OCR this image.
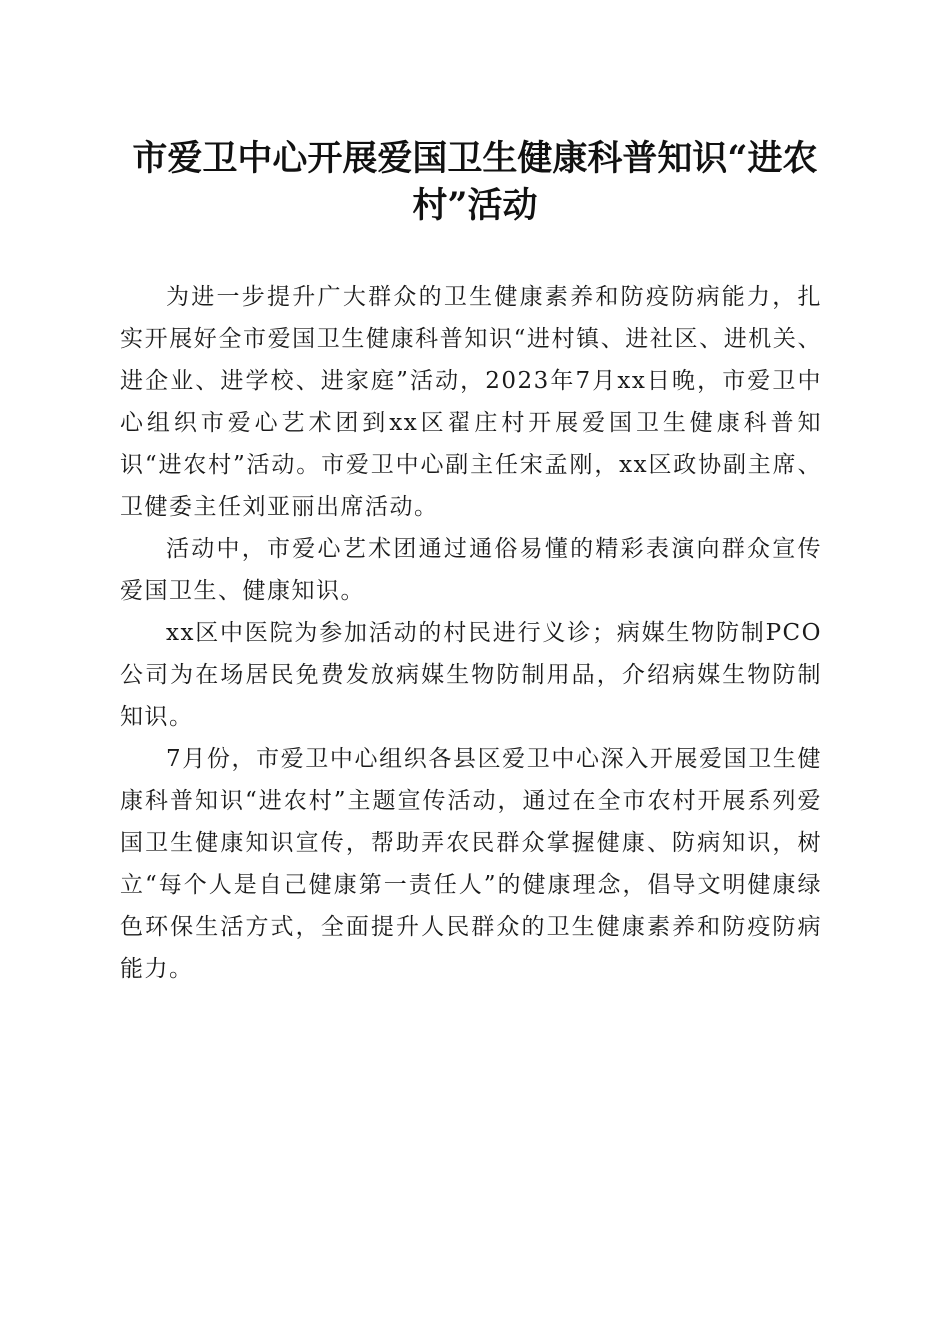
市爱卫中心开展爱国卫生健康科普知识“进农村”活动

为进一步提升广大群众的卫生健康素养和防疫防病能力，扎实开展好全市爱国卫生健康科普知识“进村镇、进社区、进机关、进企业、进学校、进家庭”活动，2023年7月xx日晚，市爱卫中心组织市爱心艺术团到xx区翟庄村开展爱国卫生健康科普知识“进农村”活动。市爱卫中心副主任宋孟刚，xx区政协副主席、卫健委主任刘亚丽出席活动。

活动中，市爱心艺术团通过通俗易懂的精彩表演向群众宣传爱国卫生、健康知识。

xx区中医院为参加活动的村民进行义诊；病媒生物防制PCO公司为在场居民免费发放病媒生物防制用品，介绍病媒生物防制知识。

7月份，市爱卫中心组织各县区爱卫中心深入开展爱国卫生健康科普知识“进农村”主题宣传活动，通过在全市农村开展系列爱国卫生健康知识宣传，帮助弄农民群众掌握健康、防病知识，树立“每个人是自己健康第一责任人”的健康理念，倡导文明健康绿色环保生活方式，全面提升人民群众的卫生健康素养和防疫防病能力。
